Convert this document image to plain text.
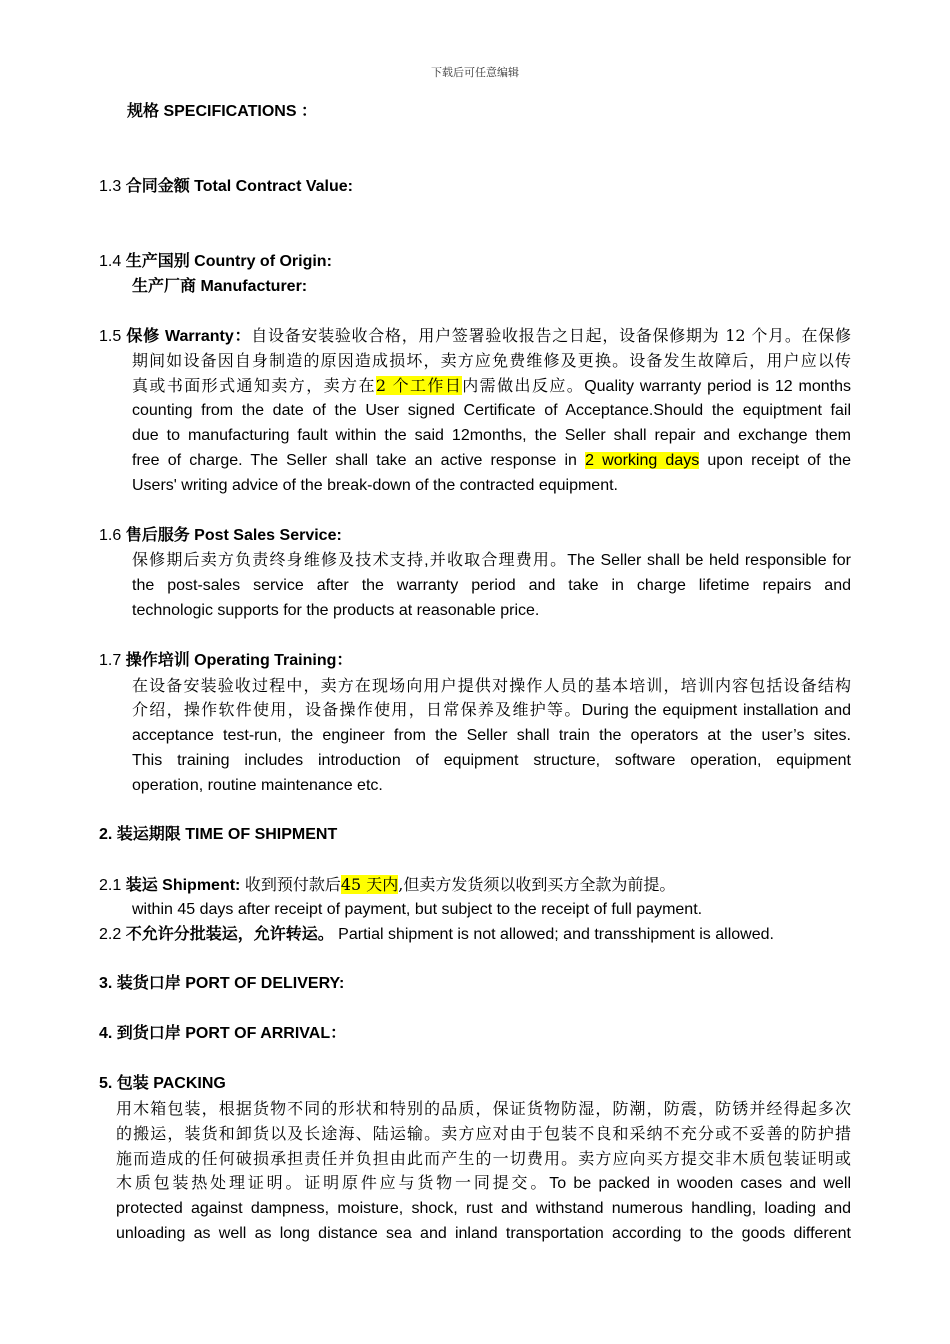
下载后可任意编辑
规格 SPECIFICATIONS ：
1.3 合同金额 Total Contract Value:
1.4 生产国别 Country of Origin:
生产厂商 Manufacturer:
1.5 保修 Warranty：自设备安装验收合格，用户签署验收报告之日起，设备保修期为 12 个月。在保修
期间如设备因自身制造的原因造成损坏，卖方应免费维修及更换。设备发生故障后，用户应以传
真或书面形式通知卖方，卖方在2 个工作日内需做出反应。Quality warranty period is 12 months
counting from the date of the User signed Certificate of Acceptance.Should the equiptment fail
due to manufacturing fault within the said 12months, the Seller shall repair and exchange them
free of charge. The Seller shall take an active response in 2 working days upon receipt of the
Users' writing advice of the break-down of the contracted equipment.
1.6 售后服务 Post Sales Service:
保修期后卖方负责终身维修及技术支持,并收取合理费用。The Seller shall be held responsible for
the post-sales service after the warranty period and take in charge lifetime repairs and
technologic supports for the products at reasonable price.
1.7 操作培训 Operating Training：
在设备安装验收过程中，卖方在现场向用户提供对操作人员的基本培训，培训内容包括设备结构
介绍，操作软件使用，设备操作使用，日常保养及维护等。During the equipment installation and
acceptance test-run, the engineer from the Seller shall train the operators at the user’s sites.
This training includes introduction of equipment structure, software operation, equipment
operation, routine maintenance etc.
2. 装运期限 TIME OF SHIPMENT
2.1 装运 Shipment: 收到预付款后45 天内,但卖方发货须以收到买方全款为前提。
within 45 days after receipt of payment, but subject to the receipt of full payment.
2.2 不允许分批装运，允许转运。 Partial shipment is not allowed; and transshipment is allowed.
3. 装货口岸 PORT OF DELIVERY:
4. 到货口岸 PORT OF ARRIVAL：
5. 包装 PACKING
用木箱包装，根据货物不同的形状和特别的品质，保证货物防湿，防潮，防震，防锈并经得起多次
的搬运，装货和卸货以及长途海、陆运输。卖方应对由于包装不良和采纳不充分或不妥善的防护措
施而造成的任何破损承担责任并负担由此而产生的一切费用。卖方应向买方提交非木质包装证明或
木质包装热处理证明。证明原件应与货物一同提交。To be packed in wooden cases and well
protected against dampness, moisture, shock, rust and withstand numerous handling, loading and
unloading as well as long distance sea and inland transportation according to the goods different
